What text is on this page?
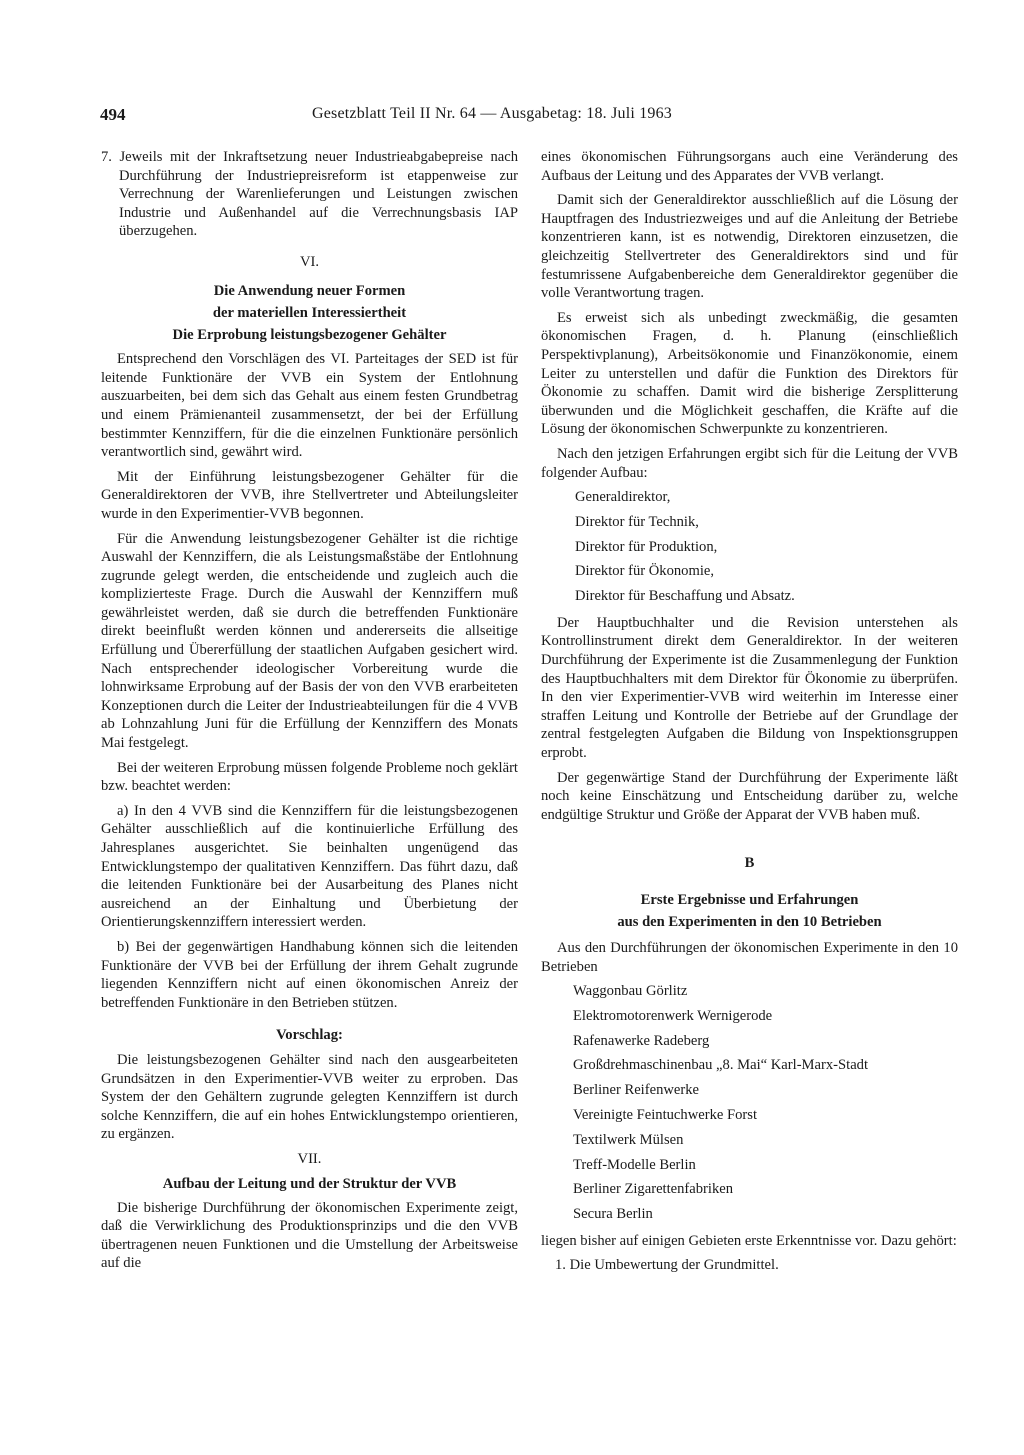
494	Gesetzblatt Teil II Nr. 64 — Ausgabetag: 18. Juli 1963

7. Jeweils mit der Inkraftsetzung neuer Industrieabgabepreise nach Durchführung der Industriepreisreform ist etappenweise zur Verrechnung der Warenlieferungen und Leistungen zwischen Industrie und Außenhandel auf die Verrechnungsbasis IAP überzugehen.

VI.
Die Anwendung neuer Formen
der materiellen Interessiertheit
Die Erprobung leistungsbezogener Gehälter

Entsprechend den Vorschlägen des VI. Parteitages der SED ist für leitende Funktionäre der VVB ein System der Entlohnung auszuarbeiten, bei dem sich das Gehalt aus einem festen Grundbetrag und einem Prämienanteil zusammensetzt, der bei der Erfüllung bestimmter Kennziffern, für die die einzelnen Funktionäre persönlich verantwortlich sind, gewährt wird.

Mit der Einführung leistungsbezogener Gehälter für die Generaldirektoren der VVB, ihre Stellvertreter und Abteilungsleiter wurde in den Experimentier-VVB begonnen.

Für die Anwendung leistungsbezogener Gehälter ist die richtige Auswahl der Kennziffern, die als Leistungsmaßstäbe der Entlohnung zugrunde gelegt werden, die entscheidende und zugleich auch die komplizierteste Frage. Durch die Auswahl der Kennziffern muß gewährleistet werden, daß sie durch die betreffenden Funktionäre direkt beeinflußt werden können und andererseits die allseitige Erfüllung und Übererfüllung der staatlichen Aufgaben gesichert wird. Nach entsprechender ideologischer Vorbereitung wurde die lohnwirksame Erprobung auf der Basis der von den VVB erarbeiteten Konzeptionen durch die Leiter der Industrieabteilungen für die 4 VVB ab Lohnzahlung Juni für die Erfüllung der Kennziffern des Monats Mai festgelegt.

Bei der weiteren Erprobung müssen folgende Probleme noch geklärt bzw. beachtet werden:

a) In den 4 VVB sind die Kennziffern für die leistungsbezogenen Gehälter ausschließlich auf die kontinuierliche Erfüllung des Jahresplanes ausgerichtet. Sie beinhalten ungenügend das Entwicklungstempo der qualitativen Kennziffern. Das führt dazu, daß die leitenden Funktionäre bei der Ausarbeitung des Planes nicht ausreichend an der Einhaltung und Überbietung der Orientierungskennziffern interessiert werden.

b) Bei der gegenwärtigen Handhabung können sich die leitenden Funktionäre der VVB bei der Erfüllung der ihrem Gehalt zugrunde liegenden Kennziffern nicht auf einen ökonomischen Anreiz der betreffenden Funktionäre in den Betrieben stützen.

Vorschlag:

Die leistungsbezogenen Gehälter sind nach den ausgearbeiteten Grundsätzen in den Experimentier-VVB weiter zu erproben. Das System der den Gehältern zugrunde gelegten Kennziffern ist durch solche Kennziffern, die auf ein hohes Entwicklungstempo orientieren, zu ergänzen.

VII.
Aufbau der Leitung und der Struktur der VVB

Die bisherige Durchführung der ökonomischen Experimente zeigt, daß die Verwirklichung des Produktionsprinzips und die den VVB übertragenen neuen Funktionen und die Umstellung der Arbeitsweise auf die

eines ökonomischen Führungsorgans auch eine Veränderung des Aufbaus der Leitung und des Apparates der VVB verlangt.

Damit sich der Generaldirektor ausschließlich auf die Lösung der Hauptfragen des Industriezweiges und auf die Anleitung der Betriebe konzentrieren kann, ist es notwendig, Direktoren einzusetzen, die gleichzeitig Stellvertreter des Generaldirektors sind und für festumrissene Aufgabenbereiche dem Generaldirektor gegenüber die volle Verantwortung tragen.

Es erweist sich als unbedingt zweckmäßig, die gesamten ökonomischen Fragen, d. h. Planung (einschließlich Perspektivplanung), Arbeitsökonomie und Finanzökonomie, einem Leiter zu unterstellen und dafür die Funktion des Direktors für Ökonomie zu schaffen. Damit wird die bisherige Zersplitterung überwunden und die Möglichkeit geschaffen, die Kräfte auf die Lösung der ökonomischen Schwerpunkte zu konzentrieren.

Nach den jetzigen Erfahrungen ergibt sich für die Leitung der VVB folgender Aufbau:

Generaldirektor,
Direktor für Technik,
Direktor für Produktion,
Direktor für Ökonomie,
Direktor für Beschaffung und Absatz.

Der Hauptbuchhalter und die Revision unterstehen als Kontrollinstrument direkt dem Generaldirektor. In der weiteren Durchführung der Experimente ist die Zusammenlegung der Funktion des Hauptbuchhalters mit dem Direktor für Ökonomie zu überprüfen. In den vier Experimentier-VVB wird weiterhin im Interesse einer straffen Leitung und Kontrolle der Betriebe auf der Grundlage der zentral festgelegten Aufgaben die Bildung von Inspektionsgruppen erprobt.

Der gegenwärtige Stand der Durchführung der Experimente läßt noch keine Einschätzung und Entscheidung darüber zu, welche endgültige Struktur und Größe der Apparat der VVB haben muß.

B
Erste Ergebnisse und Erfahrungen
aus den Experimenten in den 10 Betrieben

Aus den Durchführungen der ökonomischen Experimente in den 10 Betrieben

Waggonbau Görlitz
Elektromotorenwerk Wernigerode
Rafenawerke Radeberg
Großdrehmaschinenbau „8. Mai“ Karl-Marx-Stadt
Berliner Reifenwerke
Vereinigte Feintuchwerke Forst
Textilwerk Mülsen
Treff-Modelle Berlin
Berliner Zigarettenfabriken
Secura Berlin

liegen bisher auf einigen Gebieten erste Erkenntnisse vor. Dazu gehört:

1. Die Umbewertung der Grundmittel.
